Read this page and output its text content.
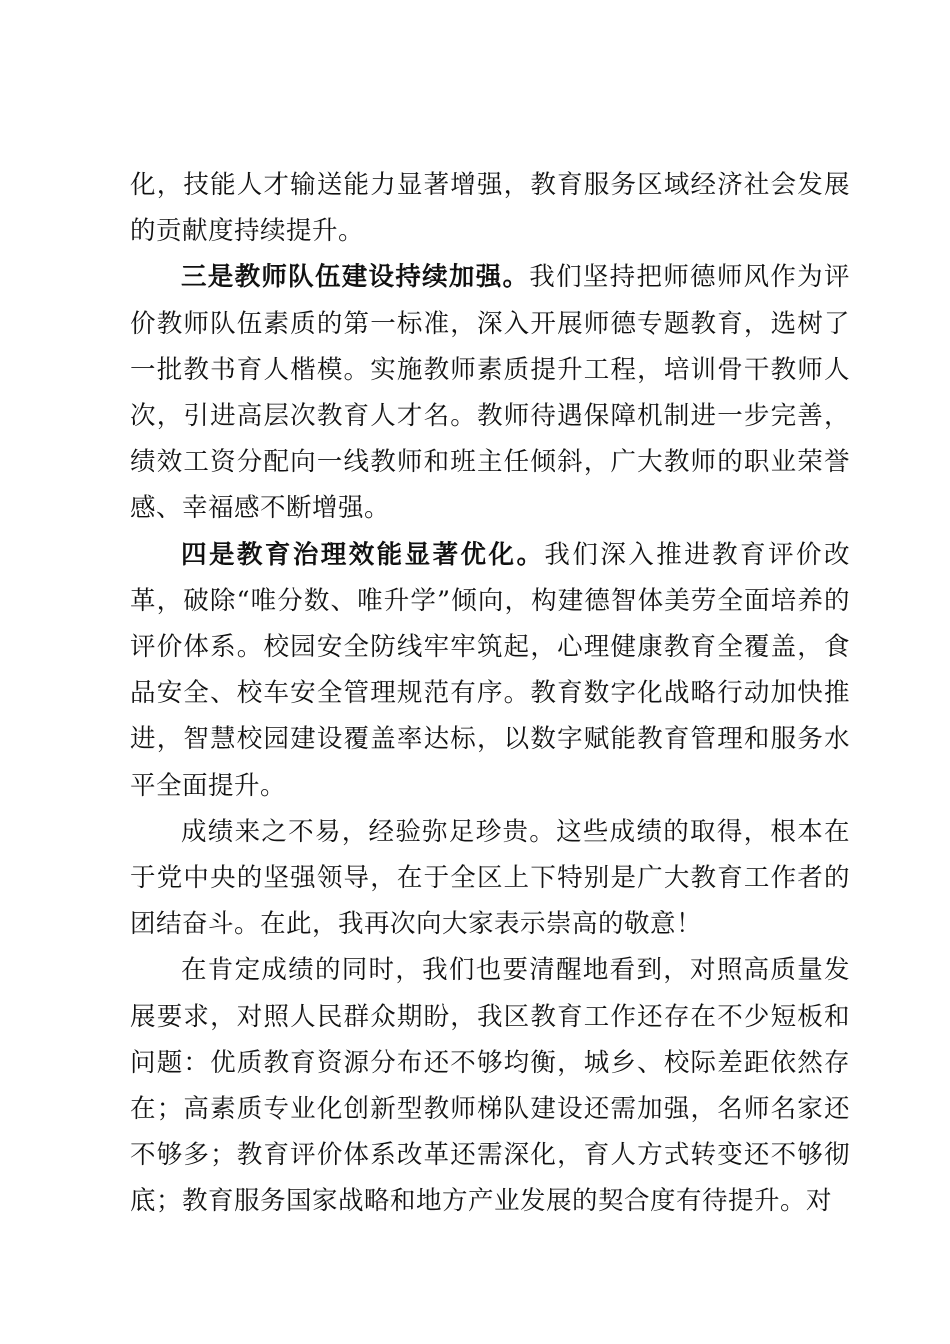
化，技能人才输送能力显著增强，教育服务区域经济社会发展的贡献度持续提升。

三是教师队伍建设持续加强。我们坚持把师德师风作为评价教师队伍素质的第一标准，深入开展师德专题教育，选树了一批教书育人楷模。实施教师素质提升工程，培训骨干教师人次，引进高层次教育人才名。教师待遇保障机制进一步完善，绩效工资分配向一线教师和班主任倾斜，广大教师的职业荣誉感、幸福感不断增强。

四是教育治理效能显著优化。我们深入推进教育评价改革，破除“唯分数、唯升学”倾向，构建德智体美劳全面培养的评价体系。校园安全防线牢牢筑起，心理健康教育全覆盖，食品安全、校车安全管理规范有序。教育数字化战略行动加快推进，智慧校园建设覆盖率达标，以数字赋能教育管理和服务水平全面提升。

成绩来之不易，经验弥足珍贵。这些成绩的取得，根本在于党中央的坚强领导，在于全区上下特别是广大教育工作者的团结奋斗。在此，我再次向大家表示崇高的敬意！

在肯定成绩的同时，我们也要清醒地看到，对照高质量发展要求，对照人民群众期盼，我区教育工作还存在不少短板和问题：优质教育资源分布还不够均衡，城乡、校际差距依然存在；高素质专业化创新型教师梯队建设还需加强，名师名家还不够多；教育评价体系改革还需深化，育人方式转变还不够彻底；教育服务国家战略和地方产业发展的契合度有待提升。对
